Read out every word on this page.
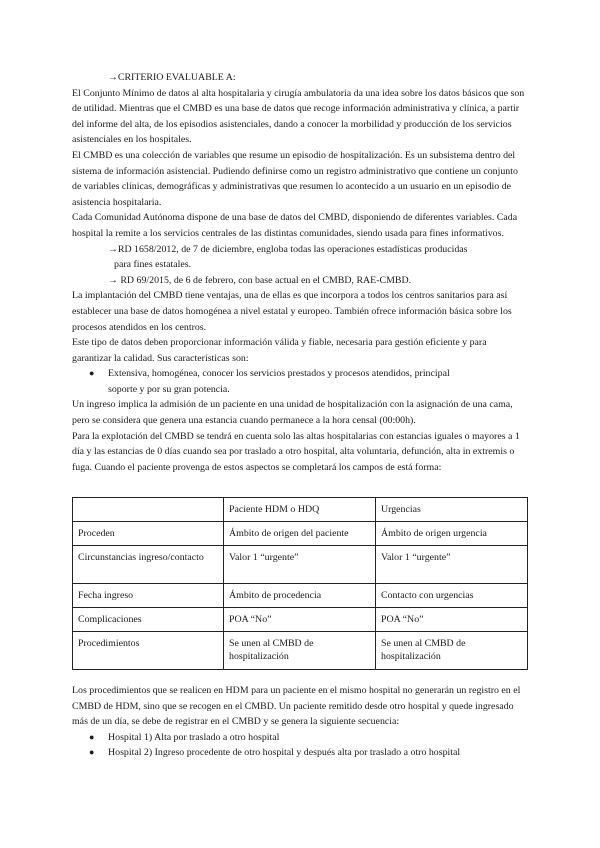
→CRITERIO EVALUABLE A:

El Conjunto Mínimo de datos al alta hospitalaria y cirugía ambulatoria da una idea sobre los datos básicos que son de utilidad. Mientras que el CMBD es una base de datos que recoge información administrativa y clínica, a partir del informe del alta, de los episodios asistenciales, dando a conocer la morbilidad y producción de los servicios asistenciales en los hospitales.

El CMBD es una colección de variables que resume un episodio de hospitalización. Es un subsistema dentro del sistema de información asistencial. Pudiendo definirse como un registro administrativo que contiene un conjunto de variables clínicas, demográficas y administrativas que resumen lo acontecido a un usuario en un episodio de asistencia hospitalaria.

Cada Comunidad Autónoma dispone de una base de datos del CMBD, disponiendo de diferentes variables. Cada hospital la remite a los servicios centrales de las distintas comunidades, siendo usada para fines informativos.

→RD 1658/2012, de 7 de diciembre, engloba todas las operaciones estadísticas producidas

para fines estatales.

→ RD 69/2015, de 6 de febrero, con base actual en el CMBD, RAE-CMBD.

La implantación del CMBD tiene ventajas, una de ellas es que incorpora a todos los centros sanitarios para así establecer una base de datos homogénea a nivel estatal y europeo. También ofrece información básica sobre los procesos atendidos en los centros.

Este tipo de datos deben proporcionar información válida y fiable, necesaria para gestión eficiente y para garantizar la calidad. Sus características son:

● Extensiva, homogénea, conocer los servicios prestados y procesos atendidos, principal
soporte y por su gran potencia.

Un ingreso implica la admisión de un paciente en una unidad de hospitalización con la asignación de una cama, pero se considera que genera una estancia cuando permanece a la hora censal (00:00h).

Para la explotación del CMBD se tendrá en cuenta solo las altas hospitalarias con estancias iguales o mayores a 1 día y las estancias de 0 días cuando sea por traslado a otro hospital, alta voluntaria, defunción, alta in extremis o fuga. Cuando el paciente provenga de estos aspectos se completará los campos de está forma:

	Paciente HDM o HDQ	Urgencias
Proceden	Ámbito de origen del paciente	Ámbito de origen urgencia
Circunstancias ingreso/contacto	Valor 1 “urgente”	Valor 1 “urgente”
Fecha ingreso	Ámbito de procedencia	Contacto con urgencias
Complicaciones	POA “No”	POA “No”
Procedimientos	Se unen al CMBD de hospitalización	Se unen al CMBD de hospitalización

Los procedimientos que se realicen en HDM para un paciente en el mismo hospital no generarán un registro en el CMBD de HDM, sino que se recogen en el CMBD. Un paciente remitido desde otro hospital y quede ingresado más de un día, se debe de registrar en el CMBD y se genera la siguiente secuencia:

● Hospital 1) Alta por traslado a otro hospital
● Hospital 2) Ingreso procedente de otro hospital y después alta por traslado a otro hospital
